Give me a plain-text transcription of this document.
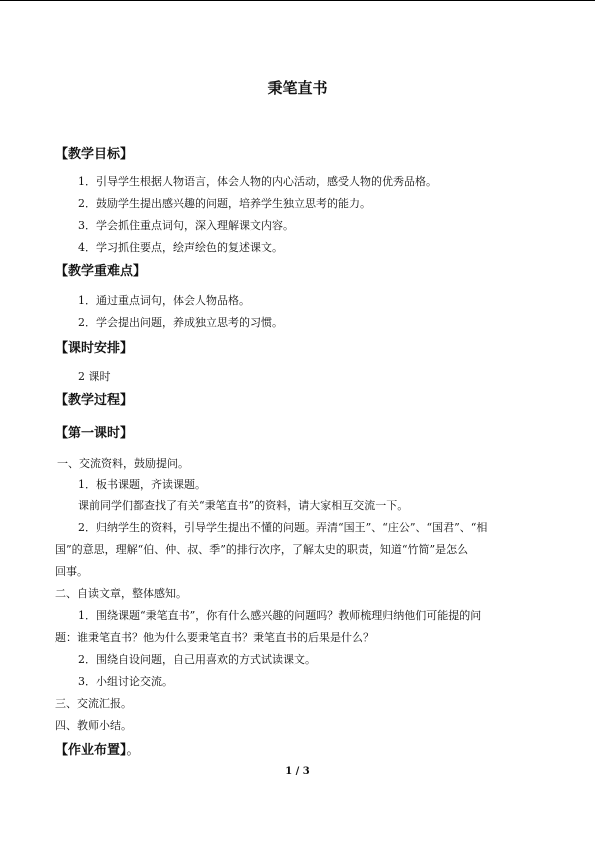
秉笔直书
【教学目标】
1．引导学生根据人物语言，体会人物的内心活动，感受人物的优秀品格。
2．鼓励学生提出感兴趣的问题，培养学生独立思考的能力。
3．学会抓住重点词句，深入理解课文内容。
4．学习抓住要点，绘声绘色的复述课文。
【教学重难点】
1．通过重点词句，体会人物品格。
2．学会提出问题，养成独立思考的习惯。
【课时安排】
2 课时
【教学过程】
【第一课时】
一、交流资料，鼓励提问。
1．板书课题，齐读课题。
课前同学们都查找了有关“秉笔直书”的资料，请大家相互交流一下。
2．归纳学生的资料，引导学生提出不懂的问题。弄清“国王”、“庄公”、“国君”、“相
国”的意思，理解“伯、仲、叔、季”的排行次序，了解太史的职责，知道“竹简”是怎么
回事。
二、自读文章，整体感知。
1．围绕课题“秉笔直书”，你有什么感兴趣的问题吗？教师梳理归纳他们可能提的问
题：谁秉笔直书？他为什么要秉笔直书？秉笔直书的后果是什么？
2．围绕自设问题，自己用喜欢的方式试读课文。
3．小组讨论交流。
三、交流汇报。
四、教师小结。
【作业布置】。
1 / 3
